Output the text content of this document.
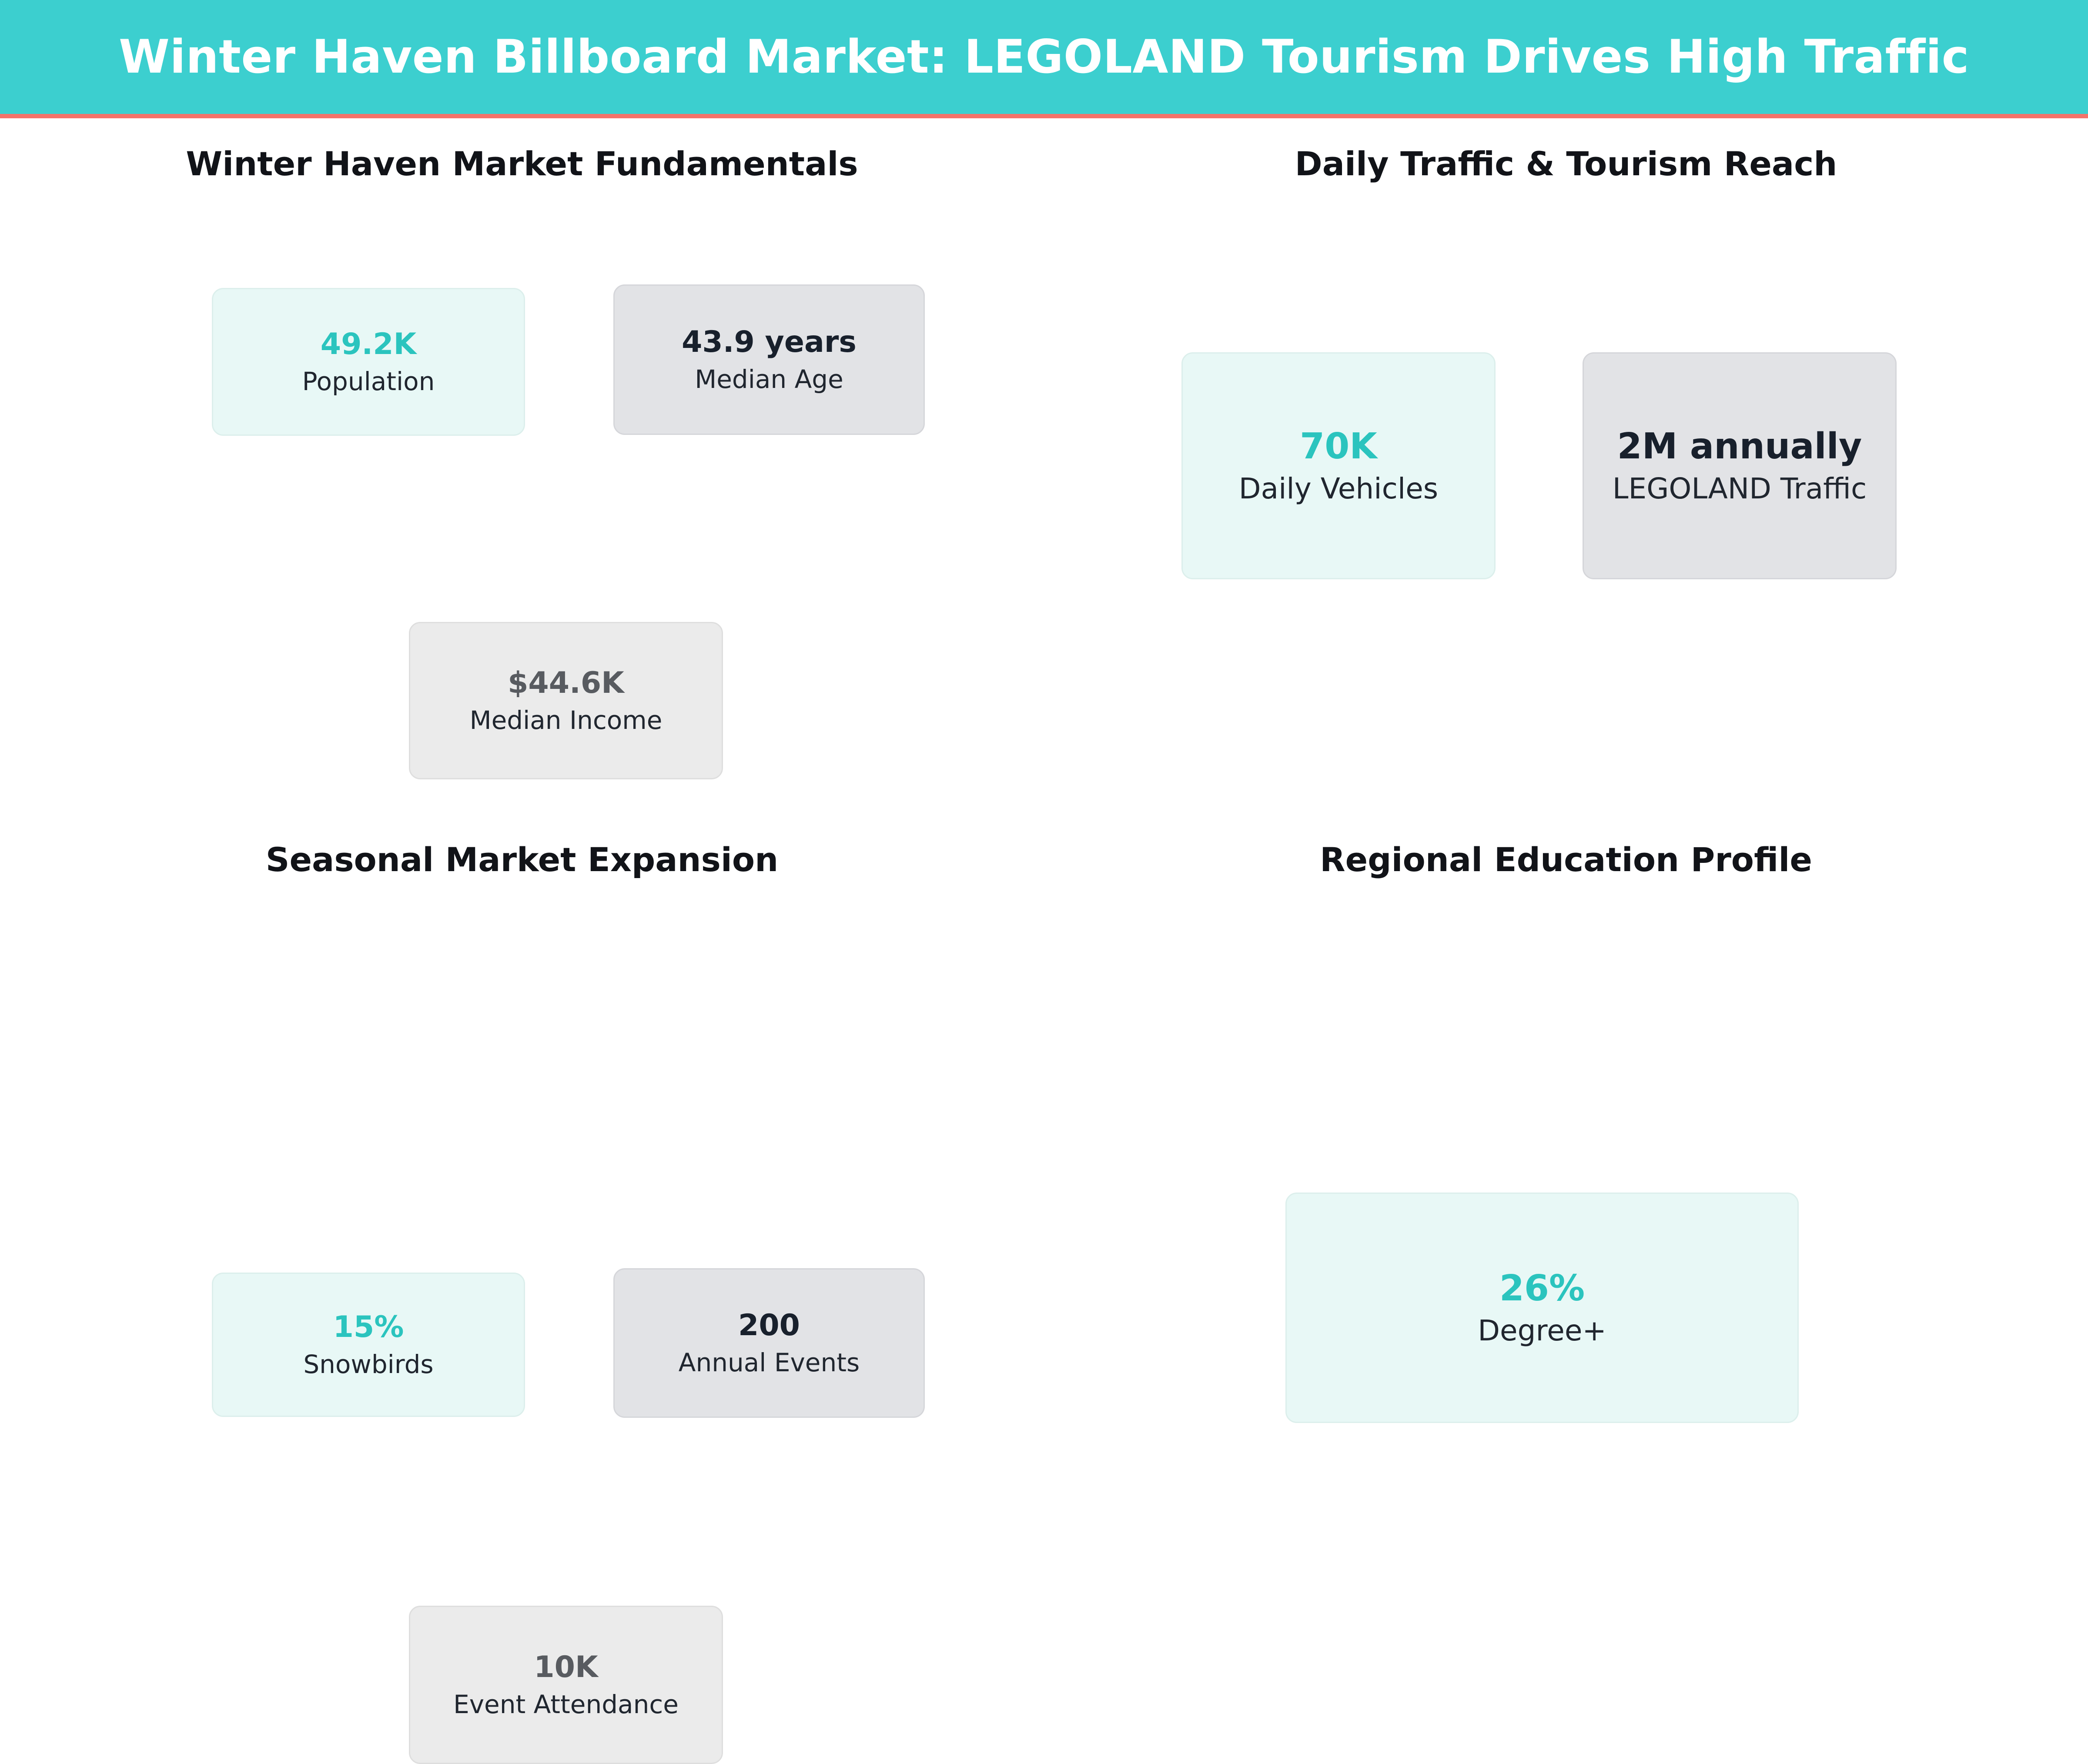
Winter Haven Billboard Market: LEGOLAND Tourism Drives High Traffic
Winter Haven Market Fundamentals
49.2K
Population
43.9 years
Median Age
$44.6K
Median Income
Daily Traffic & Tourism Reach
70K
Daily Vehicles
2M annually
LEGOLAND Traffic
Seasonal Market Expansion
15%
Snowbirds
200
Annual Events
10K
Event Attendance
Regional Education Profile
26%
Degree+
